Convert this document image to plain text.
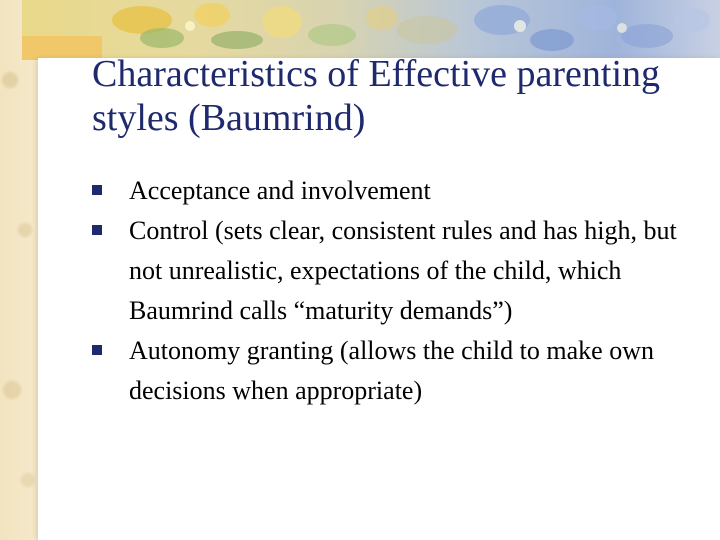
Characteristics of Effective parenting styles (Baumrind)
Acceptance and involvement
Control (sets clear, consistent rules and has high, but not unrealistic, expectations of the child, which Baumrind calls “maturity demands”)
Autonomy granting (allows the child to make own decisions when appropriate)
